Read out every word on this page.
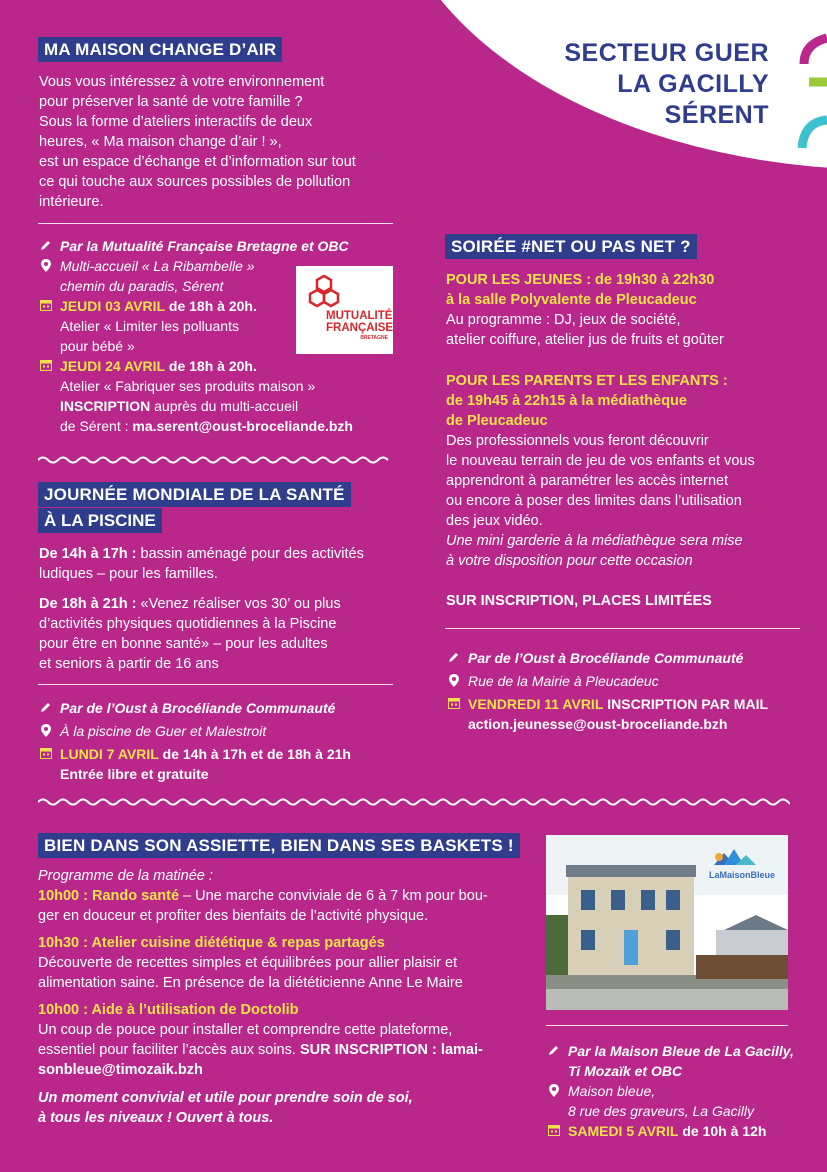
SECTEUR GUER
LA GACILLY
SÉRENT
MA MAISON CHANGE D’AIR
Vous vous intéressez à votre environnement
pour préserver la santé de votre famille ?
Sous la forme d’ateliers interactifs de deux
heures, « Ma maison change d’air ! »,
est un espace d’échange et d’information sur tout
ce qui touche aux sources possibles de pollution
intérieure.
Par la Mutualité Française Bretagne et OBC
Multi-accueil « La Ribambelle »
chemin du paradis, Sérent
JEUDI 03 AVRIL de 18h à 20h.
Atelier « Limiter les polluants
pour bébé »
JEUDI 24 AVRIL de 18h à 20h.
Atelier « Fabriquer ses produits maison »
INSCRIPTION auprès du multi-accueil
de Sérent : ma.serent@oust-broceliande.bzh
MUTUALITÉ
FRANÇAISE
BRETAGNE
JOURNÉE MONDIALE DE LA SANTÉ
À LA PISCINE
De 14h à 17h : bassin aménagé pour des activités
ludiques – pour les familles.
De 18h à 21h : «Venez réaliser vos 30’ ou plus
d’activités physiques quotidiennes à la Piscine
pour être en bonne santé» – pour les adultes
et seniors à partir de 16 ans
Par de l’Oust à Brocéliande Communauté
À la piscine de Guer et Malestroit
LUNDI 7 AVRIL de 14h à 17h et de 18h à 21h
Entrée libre et gratuite
SOIRÉE #NET OU PAS NET ?
POUR LES JEUNES : de 19h30 à 22h30
à la salle Polyvalente de Pleucadeuc
Au programme : DJ, jeux de société,
atelier coiffure, atelier jus de fruits et goûter
POUR LES PARENTS ET LES ENFANTS :
de 19h45 à 22h15 à la médiathèque
de Pleucadeuc
Des professionnels vous feront découvrir
le nouveau terrain de jeu de vos enfants et vous
apprendront à paramétrer les accès internet
ou encore à poser des limites dans l’utilisation
des jeux vidéo.
Une mini garderie à la médiathèque sera mise
à votre disposition pour cette occasion
SUR INSCRIPTION, PLACES LIMITÉES
Par de l’Oust à Brocéliande Communauté
Rue de la Mairie à Pleucadeuc
VENDREDI 11 AVRIL INSCRIPTION PAR MAIL
action.jeunesse@oust-broceliande.bzh
BIEN DANS SON ASSIETTE, BIEN DANS SES BASKETS !
Programme de la matinée :
10h00 : Rando santé – Une marche conviviale de 6 à 7 km pour bou-
ger en douceur et profiter des bienfaits de l’activité physique.
10h30 : Atelier cuisine diététique & repas partagés
Découverte de recettes simples et équilibrées pour allier plaisir et
alimentation saine. En présence de la diététicienne Anne Le Maire
10h00 : Aide à l’utilisation de Doctolib
Un coup de pouce pour installer et comprendre cette plateforme,
essentiel pour faciliter l’accès aux soins. SUR INSCRIPTION : lamai-
sonbleue@timozaik.bzh
Un moment convivial et utile pour prendre soin de soi,
à tous les niveaux ! Ouvert à tous.
LaMaisonBleue
Par la Maison Bleue de La Gacilly,
Ti Mozaïk et OBC
Maison bleue,
8 rue des graveurs, La Gacilly
SAMEDI 5 AVRIL de 10h à 12h
